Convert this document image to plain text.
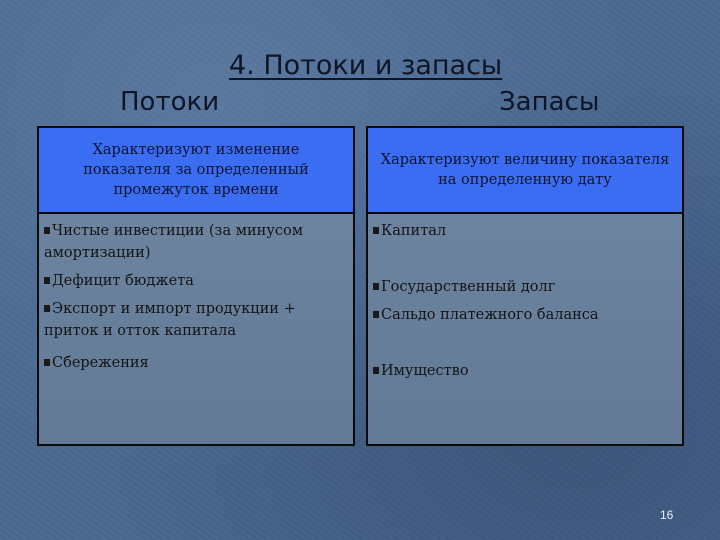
4. Потоки и запасы
Потоки	Запасы
Характеризуют изменение показателя за определенный промежуток времени
Чистые инвестиции (за минусом амортизации)
Дефицит бюджета
Экспорт и импорт продукции + приток и отток капитала
Сбережения
Характеризуют величину показателя на определенную дату
Капитал
Государственный долг
Сальдо платежного баланса
Имущество
16
